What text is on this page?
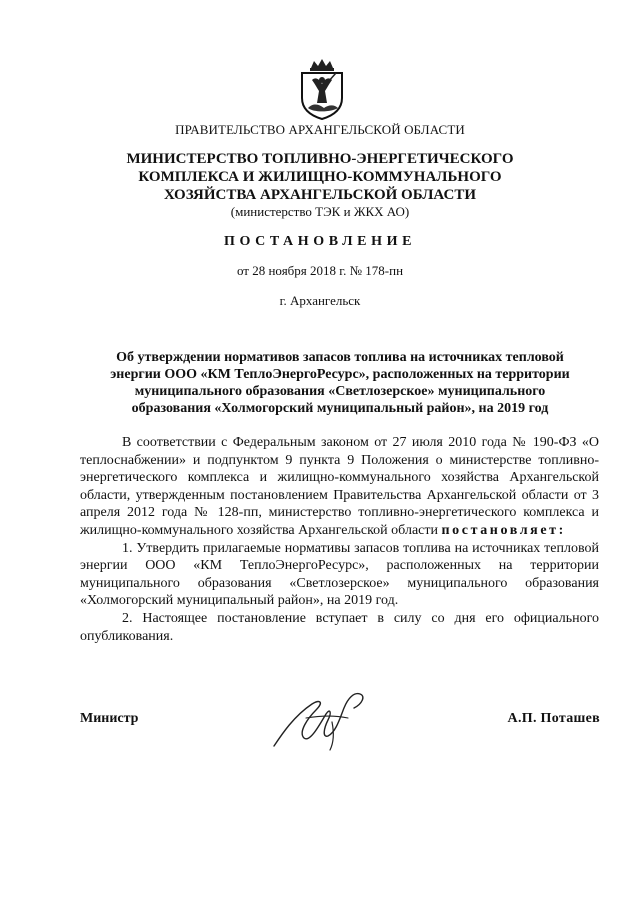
ПРАВИТЕЛЬСТВО АРХАНГЕЛЬСКОЙ ОБЛАСТИ
МИНИСТЕРСТВО ТОПЛИВНО-ЭНЕРГЕТИЧЕСКОГО
КОМПЛЕКСА И ЖИЛИЩНО-КОММУНАЛЬНОГО
ХОЗЯЙСТВА АРХАНГЕЛЬСКОЙ ОБЛАСТИ
(министерство ТЭК и ЖКХ АО)
ПОСТАНОВЛЕНИЕ
от 28 ноября 2018 г. № 178-пн
г. Архангельск
Об утверждении нормативов запасов топлива на источниках тепловой
энергии ООО «КМ ТеплоЭнергоРесурс», расположенных на территории
муниципального образования «Светлозерское» муниципального
образования «Холмогорский муниципальный район», на 2019 год

В соответствии с Федеральным законом от 27 июля 2010 года № 190-ФЗ «О теплоснабжении» и подпунктом 9 пункта 9 Положения о министерстве топливно-энергетического комплекса и жилищно-коммунального хозяйства Архангельской области, утвержденным постановлением Правительства Архангельской области от 3 апреля 2012 года № 128-пп, министерство топливно-энергетического комплекса и жилищно-коммунального хозяйства Архангельской области постановляет:

1. Утвердить прилагаемые нормативы запасов топлива на источниках тепловой энергии ООО «КМ ТеплоЭнергоРесурс», расположенных на территории муниципального образования «Светлозерское» муниципального образования «Холмогорский муниципальный район», на 2019 год.

2. Настоящее постановление вступает в силу со дня его официального опубликования.

Министр	А.П. Поташев
